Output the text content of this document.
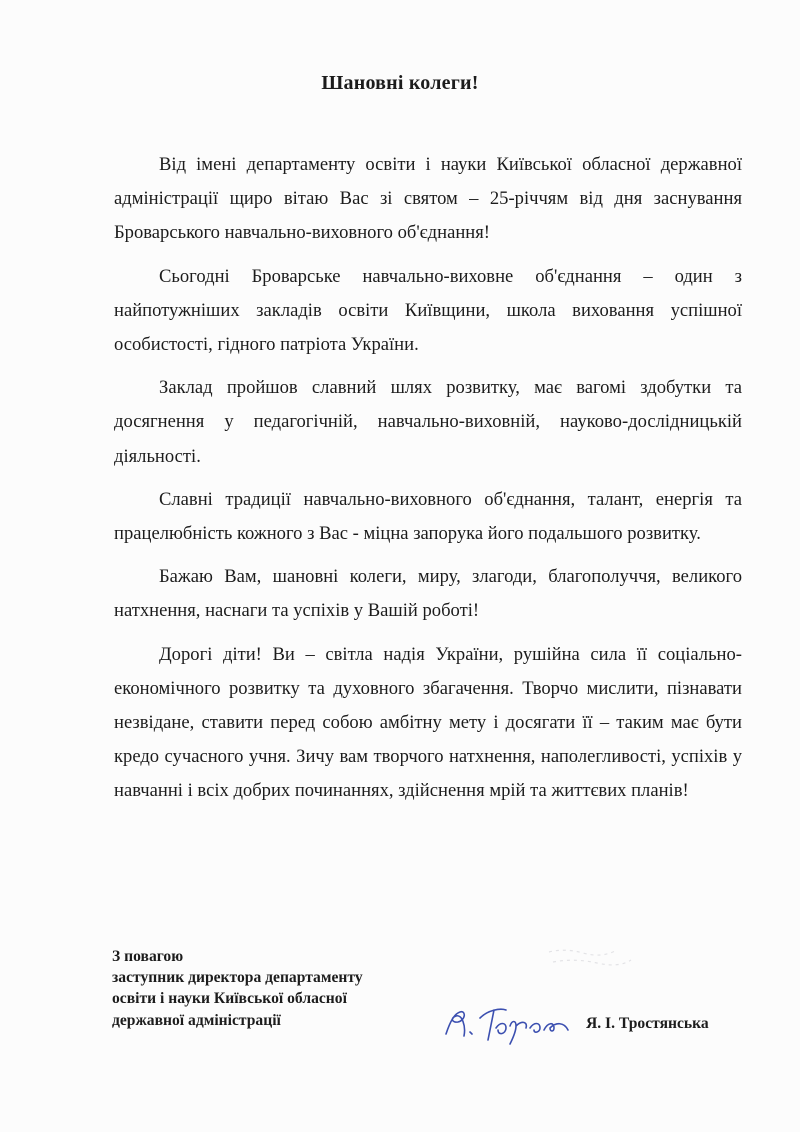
Шановні колеги!

Від імені департаменту освіти і науки Київської обласної державної адміністрації щиро вітаю Вас зі святом – 25-річчям від дня заснування Броварського навчально-виховного об'єднання!

Сьогодні Броварське навчально-виховне об'єднання – один з найпотужніших закладів освіти Київщини, школа виховання успішної особистості, гідного патріота України.

Заклад пройшов славний шлях розвитку, має вагомі здобутки та досягнення у педагогічній, навчально-виховній, науково-дослідницькій діяльності.

Славні традиції навчально-виховного об'єднання, талант, енергія та працелюбність кожного з Вас - міцна запорука його подальшого розвитку.

Бажаю Вам, шановні колеги, миру, злагоди, благополуччя, великого натхнення, наснаги та успіхів у Вашій роботі!

Дорогі діти! Ви – світла надія України, рушійна сила її соціально-економічного розвитку та духовного збагачення. Творчо мислити, пізнавати незвідане, ставити перед собою амбітну мету і досягати її – таким має бути кредо сучасного учня. Зичу вам творчого натхнення, наполегливості, успіхів у навчанні і всіх добрих починаннях, здійснення мрій та життєвих планів!

З повагою
заступник директора департаменту
освіти і науки Київської обласної
державної адміністрації	Я. І. Тростянська
